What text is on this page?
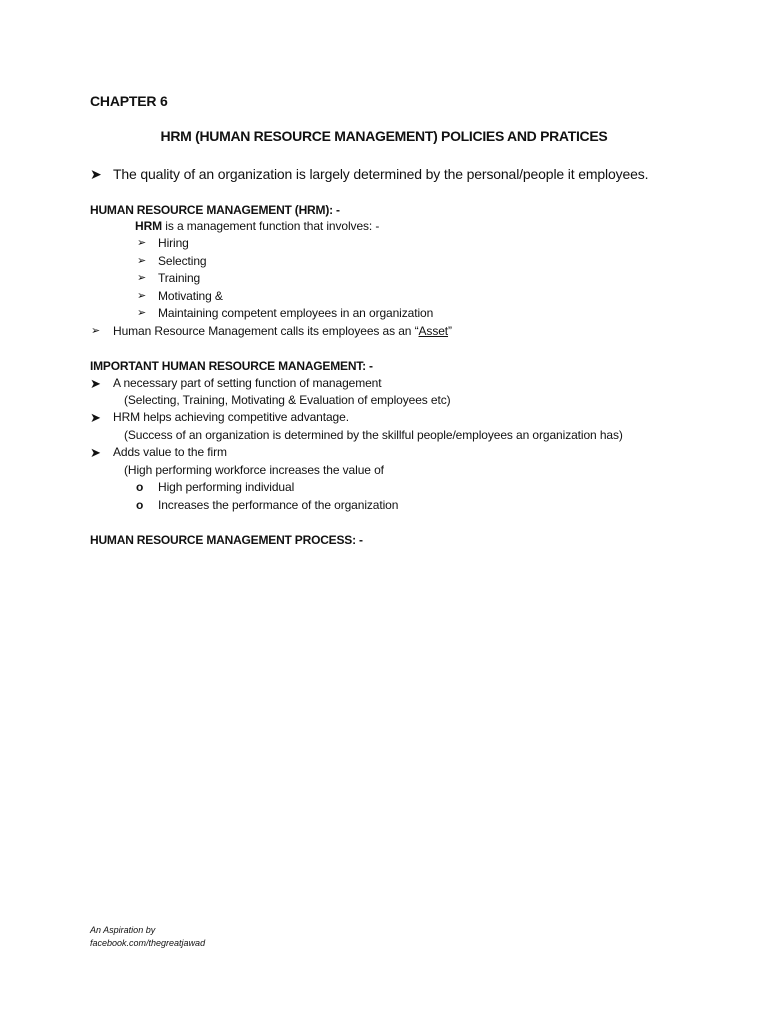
CHAPTER 6
HRM (HUMAN RESOURCE MANAGEMENT) POLICIES AND PRATICES
➤ The quality of an organization is largely determined by the personal/people it employees.
HUMAN RESOURCE MANAGEMENT (HRM): -
HRM is a management function that involves: -
➢ Hiring
➢ Selecting
➢ Training
➢ Motivating &
➢ Maintaining competent employees in an organization
➢ Human Resource Management calls its employees as an “Asset”
IMPORTANT HUMAN RESOURCE MANAGEMENT: -
➤ A necessary part of setting function of management
(Selecting, Training, Motivating & Evaluation of employees etc)
➤ HRM helps achieving competitive advantage.
(Success of an organization is determined by the skillful people/employees an organization has)
➤ Adds value to the firm
(High performing workforce increases the value of
o High performing individual
o Increases the performance of the organization
HUMAN RESOURCE MANAGEMENT PROCESS: -
An Aspiration by
facebook.com/thegreatjawad
